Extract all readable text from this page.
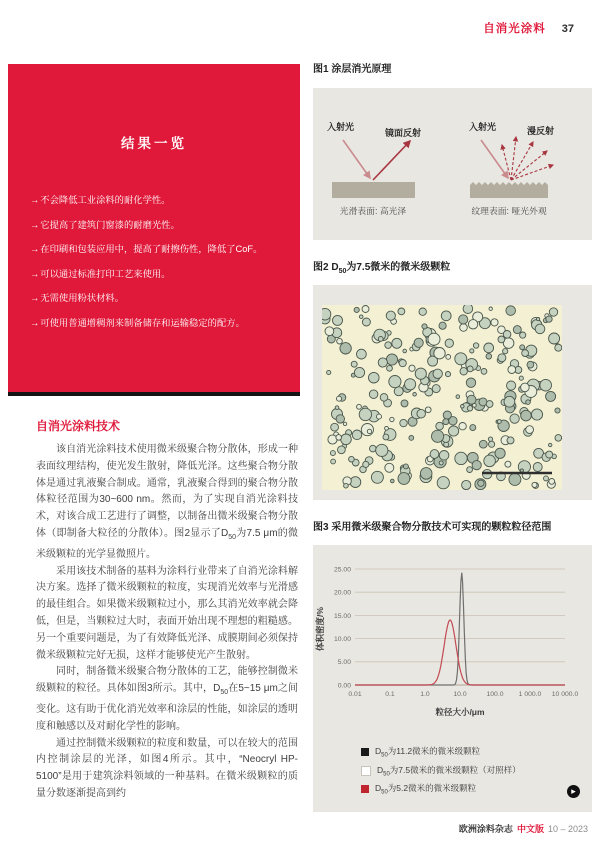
自消光涂料 37
结果一览
→不会降低工业涂料的耐化学性。
→它提高了建筑门窗漆的耐磨光性。
→在印刷和包装应用中，提高了耐擦伤性，降低了CoF。
→可以通过标准打印工艺来使用。
→无需使用粉状材料。
→可使用普通增稠剂来制备储存和运输稳定的配方。
自消光涂料技术

该自消光涂料技术使用微米级聚合物分散体，形成一种表面纹理结构，使光发生散射，降低光泽。这些聚合物分散体是通过乳液聚合制成。通常，乳液聚合得到的聚合物分散体粒径范围为30~600 nm。然而，为了实现自消光涂料技术，对该合成工艺进行了调整，以制备出微米级聚合物分散体（即制备大粒径的分散体）。图2显示了$D_{50}$为7.5 μm的微米级颗粒的光学显微照片。

采用该技术制备的基料为涂料行业带来了自消光涂料解决方案。选择了微米级颗粒的粒度，实现消光效率与光滑感的最佳组合。如果微米级颗粒过小，那么其消光效率就会降低，但是，当颗粒过大时，表面开始出现不理想的粗糙感。另一个重要问题是，为了有效降低光泽、成膜期间必须保持微米级颗粒完好无损，这样才能够使光产生散射。

同时，制备微米级聚合物分散体的工艺，能够控制微米级颗粒的粒径。具体如图3所示。其中，$D_{50}$在5~15 μm之间变化。这有助于优化消光效率和涂层的性能，如涂层的透明度和触感以及对耐化学性的影响。

通过控制微米级颗粒的粒度和数量，可以在较大的范围内控制涂层的光泽，如图4所示。其中，“Neocryl HP-5100”是用于建筑涂料领域的一种基料。在微米级颗粒的质量分数逐渐提高到约

图1 涂层消光原理
入射光
镜面反射
光滑表面: 高光泽
入射光	漫反射
纹理表面: 哑光外观
图2 $D_{50}$为7.5微米的微米级颗粒
图3 采用微米级聚合物分散技术可实现的颗粒粒径范围
0.00
5.00
10.00
15.00
20.00
25.00
0.01	0.1	1.0	10.0	100.0 1 000.0 10 000.0
体积密度/%
粒径大小/μm
$D_{50}$为11.2微米的微米级颗粒
$D_{50}$为7.5微米的微米级颗粒（对照样）
$D_{50}$为5.2微米的微米级颗粒	▸
欧洲涂料杂志 中文版 10 – 2023
